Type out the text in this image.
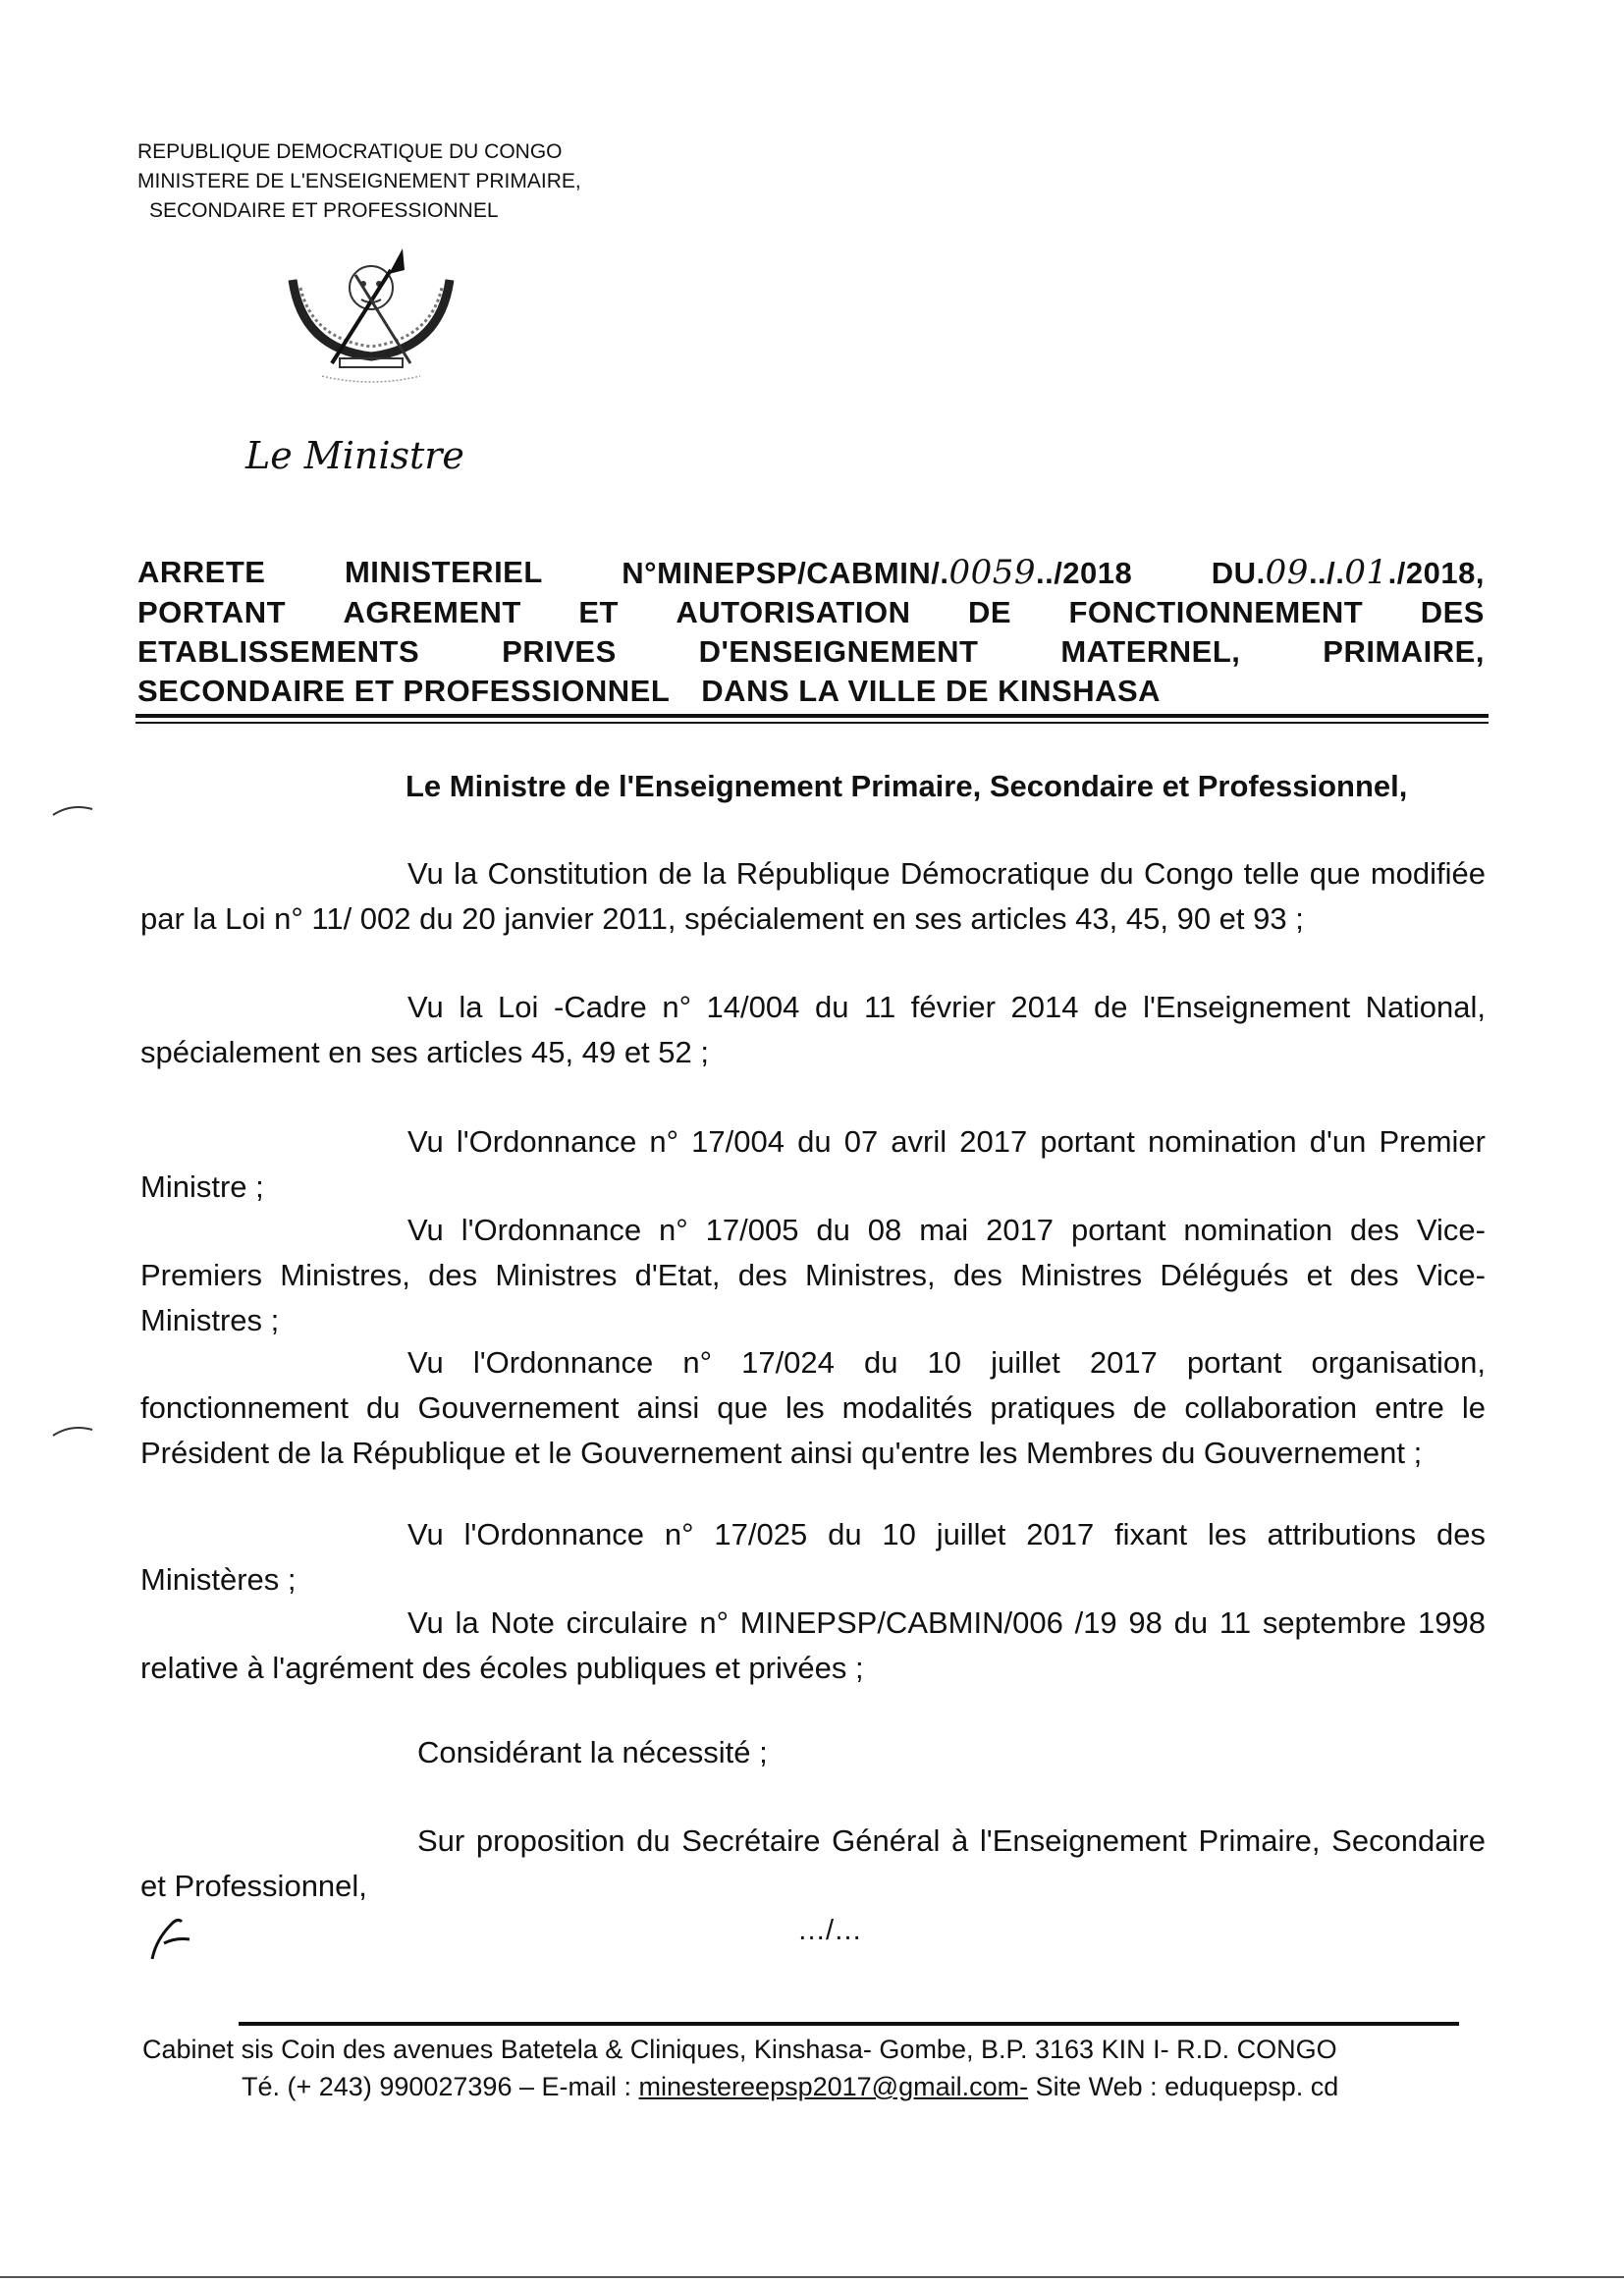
REPUBLIQUE DEMOCRATIQUE DU CONGO
MINISTERE DE L'ENSEIGNEMENT PRIMAIRE,
SECONDAIRE ET PROFESSIONNEL
Le Ministre
ARRETE	MINISTERIEL	N°MINEPSP/CABMIN/.0059../2018	DU.09../.01./2018,
PORTANT AGREMENT ET AUTORISATION DE FONCTIONNEMENT DES
ETABLISSEMENTS	PRIVES	D'ENSEIGNEMENT	MATERNEL,	PRIMAIRE,
SECONDAIRE ET PROFESSIONNEL DANS LA VILLE DE KINSHASA
Le Ministre de l'Enseignement Primaire, Secondaire et Professionnel,
Vu la Constitution de la République Démocratique du Congo telle que modifiée par la Loi n° 11/ 002 du 20 janvier 2011, spécialement en ses articles 43, 45, 90 et 93 ;
Vu la Loi -Cadre n° 14/004 du 11 février 2014 de l'Enseignement National, spécialement en ses articles 45, 49 et 52 ;
Vu l'Ordonnance n° 17/004 du 07 avril 2017 portant nomination d'un Premier Ministre ;
Vu l'Ordonnance n° 17/005 du 08 mai 2017 portant nomination des Vice-Premiers Ministres, des Ministres d'Etat, des Ministres, des Ministres Délégués et des Vice-Ministres ;
Vu l'Ordonnance n° 17/024 du 10 juillet 2017 portant organisation, fonctionnement du Gouvernement ainsi que les modalités pratiques de collaboration entre le Président de la République et le Gouvernement ainsi qu'entre les Membres du Gouvernement ;
Vu l'Ordonnance n° 17/025 du 10 juillet 2017 fixant les attributions des Ministères ;
Vu la Note circulaire n° MINEPSP/CABMIN/006 /19 98 du 11 septembre 1998 relative à l'agrément des écoles publiques et privées ;
Considérant la nécessité ;
Sur proposition du Secrétaire Général à l'Enseignement Primaire, Secondaire et Professionnel,
…/…
Cabinet sis Coin des avenues Batetela & Cliniques, Kinshasa- Gombe, B.P. 3163 KIN I- R.D. CONGO
Té. (+ 243) 990027396 – E-mail : minestereepsp2017@gmail.com- Site Web : eduquepsp. cd
